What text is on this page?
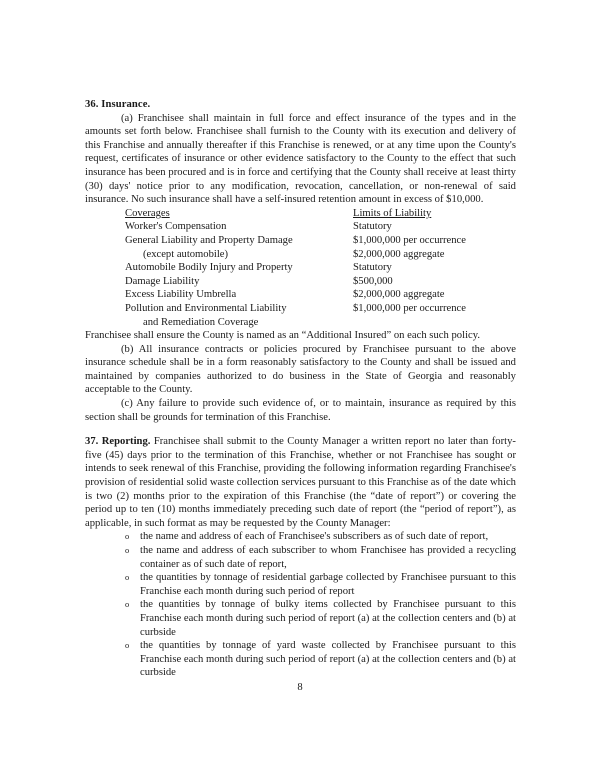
36. Insurance.

(a) Franchisee shall maintain in full force and effect insurance of the types and in the amounts set forth below. Franchisee shall furnish to the County with its execution and delivery of this Franchise and annually thereafter if this Franchise is renewed, or at any time upon the County's request, certificates of insurance or other evidence satisfactory to the County to the effect that such insurance has been procured and is in force and certifying that the County shall receive at least thirty (30) days' notice prior to any modification, revocation, cancellation, or non-renewal of said insurance. No such insurance shall have a self-insured retention amount in excess of $10,000.

Coverages	Limits of Liability
Worker's Compensation	Statutory
General Liability and Property Damage	$1,000,000 per occurrence
(except automobile)	$2,000,000 aggregate
Automobile Bodily Injury and Property	Statutory
Damage Liability	$500,000
Excess Liability Umbrella	$2,000,000 aggregate
Pollution and Environmental Liability	$1,000,000 per occurrence
and Remediation Coverage	

Franchisee shall ensure the County is named as an “Additional Insured” on each such policy.

(b) All insurance contracts or policies procured by Franchisee pursuant to the above insurance schedule shall be in a form reasonably satisfactory to the County and shall be issued and maintained by companies authorized to do business in the State of Georgia and reasonably acceptable to the County.

(c) Any failure to provide such evidence of, or to maintain, insurance as required by this section shall be grounds for termination of this Franchise.

37. Reporting. Franchisee shall submit to the County Manager a written report no later than forty-five (45) days prior to the termination of this Franchise, whether or not Franchisee has sought or intends to seek renewal of this Franchise, providing the following information regarding Franchisee's provision of residential solid waste collection services pursuant to this Franchise as of the date which is two (2) months prior to the expiration of this Franchise (the “date of report”) or covering the period up to ten (10) months immediately preceding such date of report (the “period of report”), as applicable, in such format as may be requested by the County Manager:

o the name and address of each of Franchisee's subscribers as of such date of report,
o the name and address of each subscriber to whom Franchisee has provided a recycling container as of such date of report,
o the quantities by tonnage of residential garbage collected by Franchisee pursuant to this Franchise each month during such period of report
o the quantities by tonnage of bulky items collected by Franchisee pursuant to this Franchise each month during such period of report (a) at the collection centers and (b) at curbside
o the quantities by tonnage of yard waste collected by Franchisee pursuant to this Franchise each month during such period of report (a) at the collection centers and (b) at curbside
8
